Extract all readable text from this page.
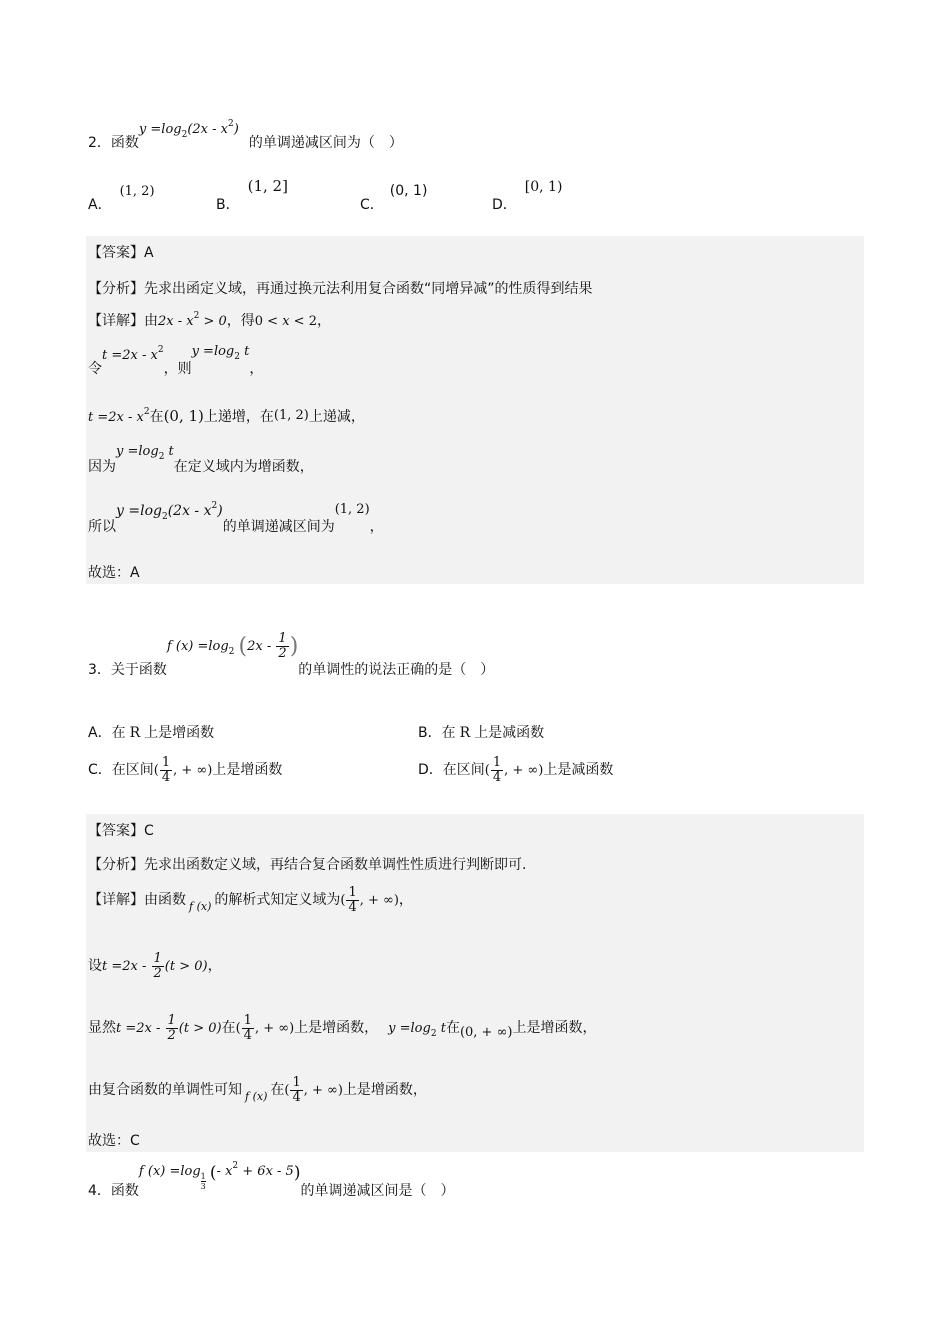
2．函数$y =\log_2(2x - x^2)$的单调递减区间为（　）
A．(1, 2)
B．(1, 2]
C．(0, 1)
D．[0, 1)
【答案】A
【分析】先求出函定义域，再通过换元法利用复合函数“同增异减”的性质得到结果
【详解】由$2x - x^2 > 0$，得0 < x < 2，
令$t =2x - x^2$，则$y =\log_2$ t，
$t =2x - x^2$在(0, 1)上递增，在(1, 2)上递减，
因为$y =\log_2$ t在定义域内为增函数，
所以$y =\log_2(2x - x^2)$的单调递减区间为(1, 2)，
故选：A
3．关于函数f $(x) =\log_2$ ($2x - \frac{1}{2}$ )的单调性的说法正确的是（　）
A．在 R 上是增函数	B．在 R 上是减函数
C．在区间( $\frac{1}{4}$ , + ∞)上是增函数	D．在区间( $\frac{1}{4}$ , + ∞)上是减函数
【答案】C
【分析】先求出函数定义域，再结合复合函数单调性性质进行判断即可.
【详解】由函数 $_{f (x)}$ 的解析式知定义域为( $\frac{1}{4}$ , + ∞)，
设$t =2x - \frac{1}{2} (t > 0)$，
显然$t =2x - \frac{1}{2} (t > 0)$在( $\frac{1}{4}$ , + ∞)上是增函数， $y =\log_2$ t在(0, + ∞)上是增函数，
由复合函数的单调性可知 $_{f (x)}$ 在( $\frac{1}{4}$ , + ∞)上是增函数，
故选：C
4．函数f (x) =log
$\frac{1}{3}$ (- $x^2 + 6x - 5$)的单调递减区间是（　）
